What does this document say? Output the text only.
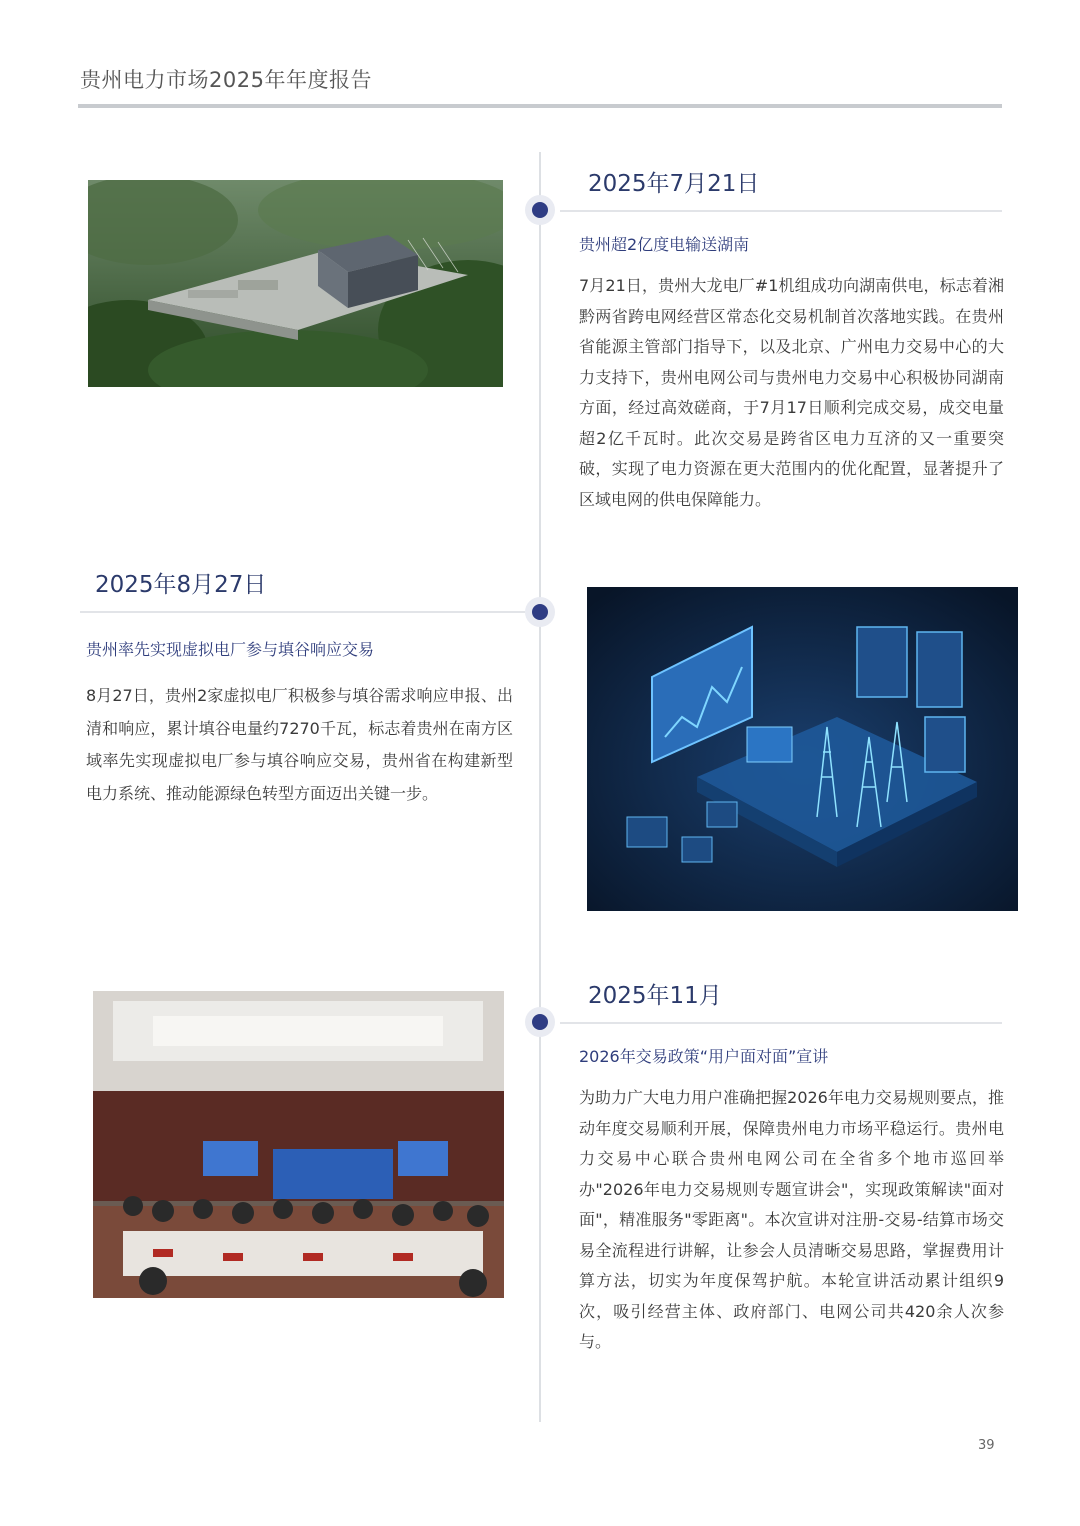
贵州电力市场2025年年度报告
2025年7月21日
贵州超2亿度电输送湖南

7月21日，贵州大龙电厂#1机组成功向湖南供电，标志着湘黔两省跨电网经营区常态化交易机制首次落地实践。在贵州省能源主管部门指导下，以及北京、广州电力交易中心的大力支持下，贵州电网公司与贵州电力交易中心积极协同湖南方面，经过高效磋商，于7月17日顺利完成交易，成交电量超2亿千瓦时。此次交易是跨省区电力互济的又一重要突破，实现了电力资源在更大范围内的优化配置，显著提升了区域电网的供电保障能力。

2025年8月27日
贵州率先实现虚拟电厂参与填谷响应交易

8月27日，贵州2家虚拟电厂积极参与填谷需求响应申报、出清和响应，累计填谷电量约7270千瓦，标志着贵州在南方区域率先实现虚拟电厂参与填谷响应交易，贵州省在构建新型电力系统、推动能源绿色转型方面迈出关键一步。

2025年11月
2026年交易政策“用户面对面”宣讲

为助力广大电力用户准确把握2026年电力交易规则要点，推动年度交易顺利开展，保障贵州电力市场平稳运行。贵州电力交易中心联合贵州电网公司在全省多个地市巡回举办"2026年电力交易规则专题宣讲会"，实现政策解读"面对面"，精准服务"零距离"。本次宣讲对注册-交易-结算市场交易全流程进行讲解，让参会人员清晰交易思路，掌握费用计算方法，切实为年度保驾护航。本轮宣讲活动累计组织9次，吸引经营主体、政府部门、电网公司共420余人次参与。

39
